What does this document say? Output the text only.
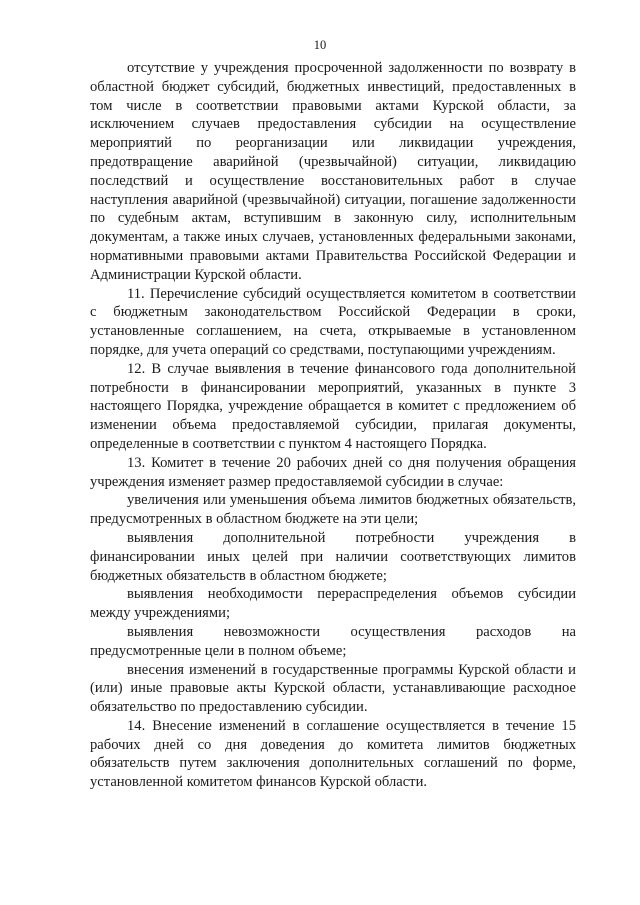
10

отсутствие у учреждения просроченной задолженности по возврату в областной бюджет субсидий, бюджетных инвестиций, предоставленных в том числе в соответствии правовыми актами Курской области, за исключением случаев предоставления субсидии на осуществление мероприятий по реорганизации или ликвидации учреждения, предотвращение аварийной (чрезвычайной) ситуации, ликвидацию последствий и осуществление восстановительных работ в случае наступления аварийной (чрезвычайной) ситуации, погашение задолженности по судебным актам, вступившим в законную силу, исполнительным документам, а также иных случаев, установленных федеральными законами, нормативными правовыми актами Правительства Российской Федерации и Администрации Курской области.

11. Перечисление субсидий осуществляется комитетом в соответствии с бюджетным законодательством Российской Федерации в сроки, установленные соглашением, на счета, открываемые в установленном порядке, для учета операций со средствами, поступающими учреждениям.

12. В случае выявления в течение финансового года дополнительной потребности в финансировании мероприятий, указанных в пункте 3 настоящего Порядка, учреждение обращается в комитет с предложением об изменении объема предоставляемой субсидии, прилагая документы, определенные в соответствии с пунктом 4 настоящего Порядка.

13. Комитет в течение 20 рабочих дней со дня получения обращения учреждения изменяет размер предоставляемой субсидии в случае:

увеличения или уменьшения объема лимитов бюджетных обязательств, предусмотренных в областном бюджете на эти цели;

выявления дополнительной потребности учреждения в финансировании иных целей при наличии соответствующих лимитов бюджетных обязательств в областном бюджете;

выявления необходимости перераспределения объемов субсидии между учреждениями;

выявления невозможности осуществления расходов на предусмотренные цели в полном объеме;

внесения изменений в государственные программы Курской области и (или) иные правовые акты Курской области, устанавливающие расходное обязательство по предоставлению субсидии.

14. Внесение изменений в соглашение осуществляется в течение 15 рабочих дней со дня доведения до комитета лимитов бюджетных обязательств путем заключения дополнительных соглашений по форме, установленной комитетом финансов Курской области.
